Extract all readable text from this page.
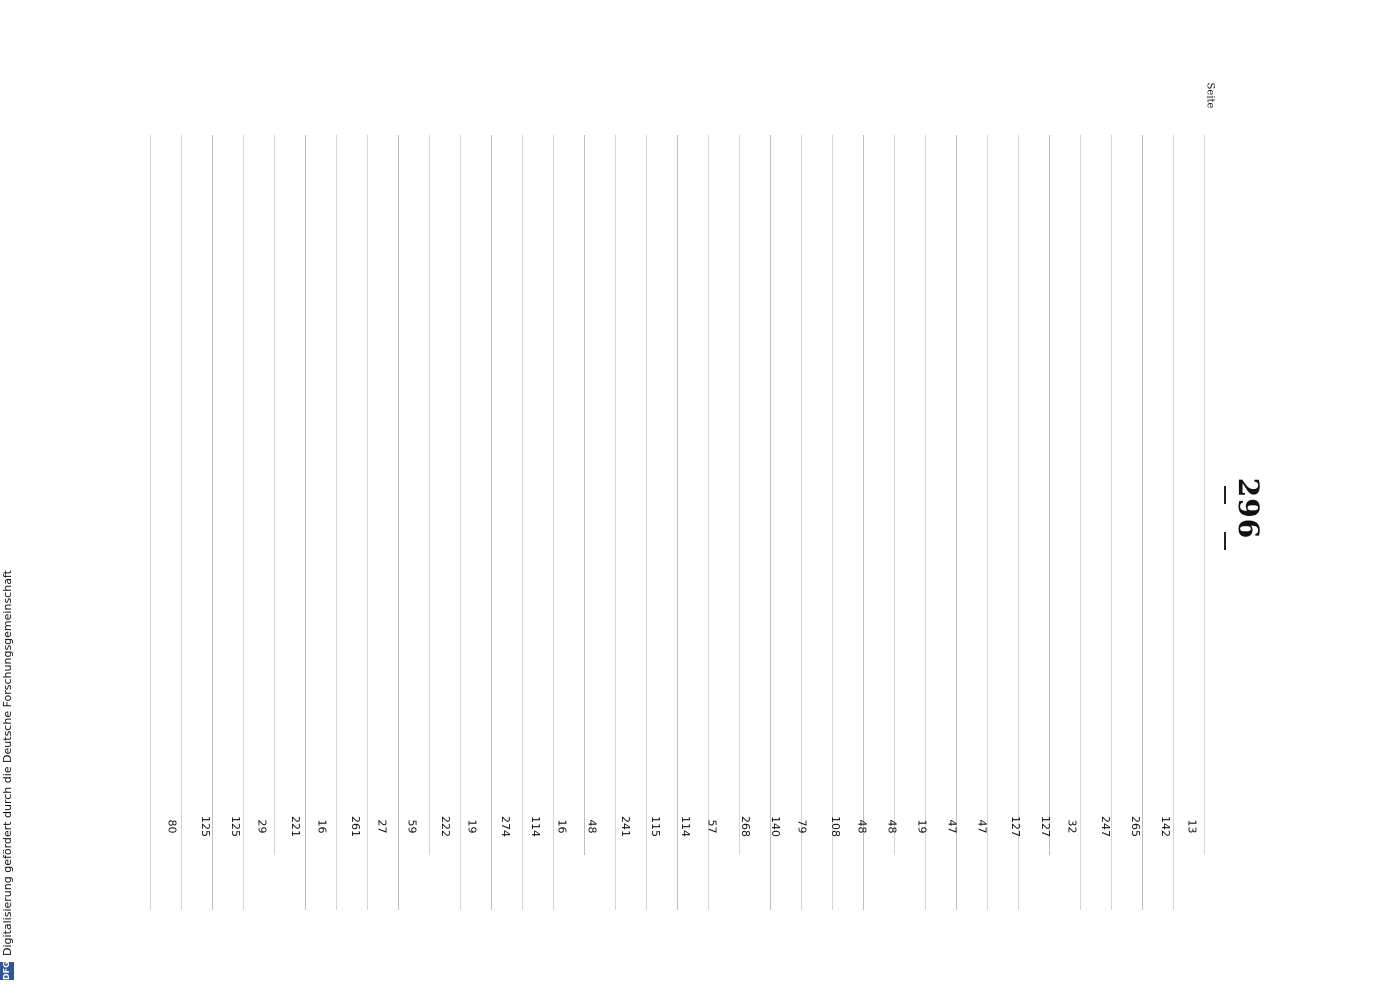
296
Seite
13
142
265
247
32
127
127
47
47
19
48
48
108
79
140
268
57
114
115
241
48
16
114
274
19
222
59
27
261
16
221
29
125
125
80
DFG
Digitalisierung gefördert durch die Deutsche Forschungsgemeinschaft
